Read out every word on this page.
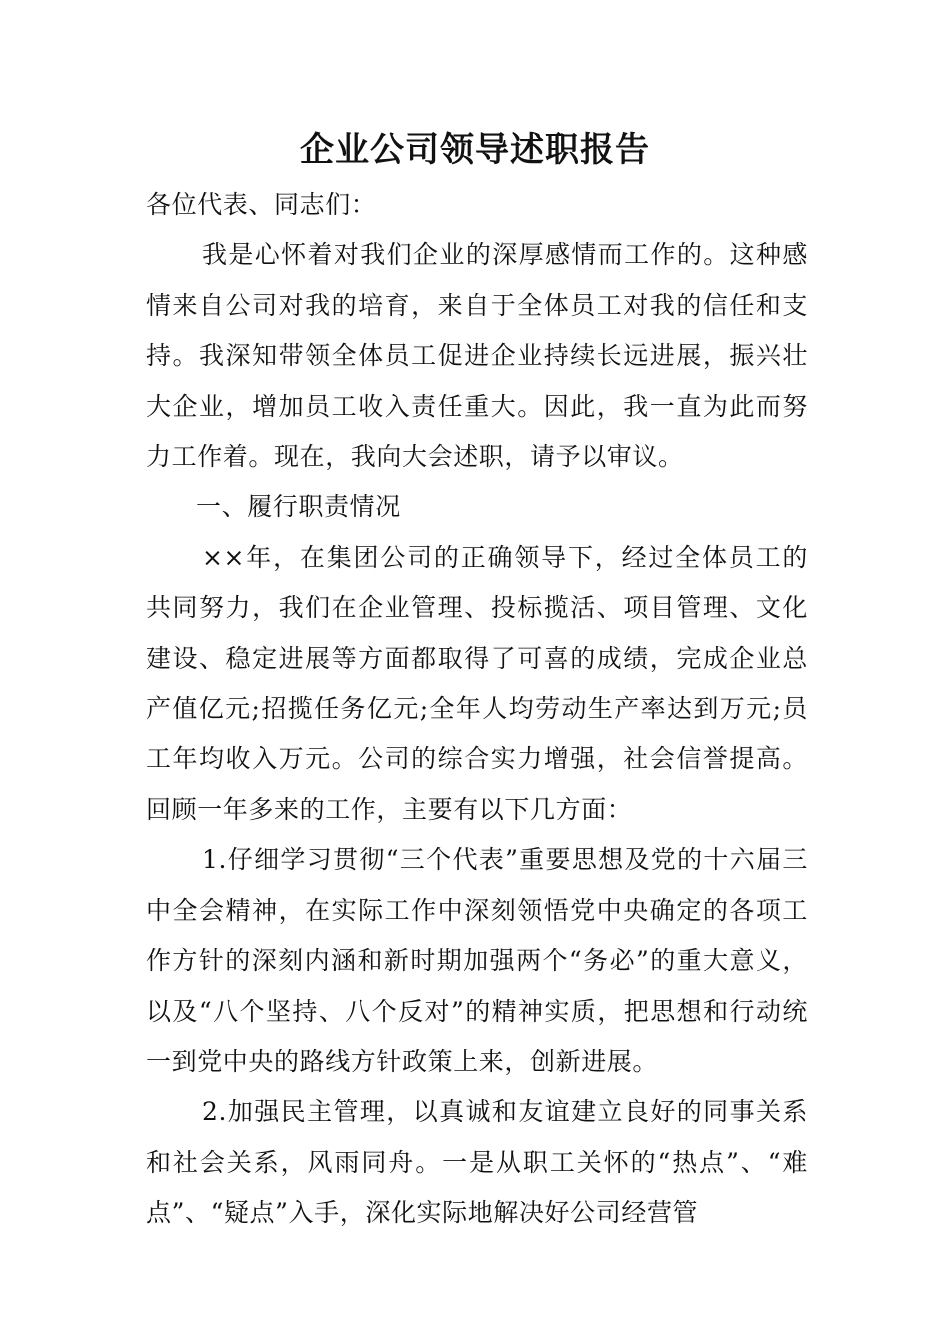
企业公司领导述职报告

各位代表、同志们：

我是心怀着对我们企业的深厚感情而工作的。这种感情来自公司对我的培育，来自于全体员工对我的信任和支持。我深知带领全体员工促进企业持续长远进展，振兴壮大企业，增加员工收入责任重大。因此，我一直为此而努力工作着。现在，我向大会述职，请予以审议。

一、履行职责情况

××年，在集团公司的正确领导下，经过全体员工的共同努力，我们在企业管理、投标揽活、项目管理、文化建设、稳定进展等方面都取得了可喜的成绩，完成企业总产值亿元;招揽任务亿元;全年人均劳动生产率达到万元;员工年均收入万元。公司的综合实力增强，社会信誉提高。回顾一年多来的工作，主要有以下几方面：

1.仔细学习贯彻“三个代表”重要思想及党的十六届三中全会精神，在实际工作中深刻领悟党中央确定的各项工作方针的深刻内涵和新时期加强两个“务必”的重大意义，以及“八个坚持、八个反对”的精神实质，把思想和行动统一到党中央的路线方针政策上来，创新进展。

2.加强民主管理，以真诚和友谊建立良好的同事关系和社会关系，风雨同舟。一是从职工关怀的“热点”、“难点”、“疑点”入手，深化实际地解决好公司经营管
